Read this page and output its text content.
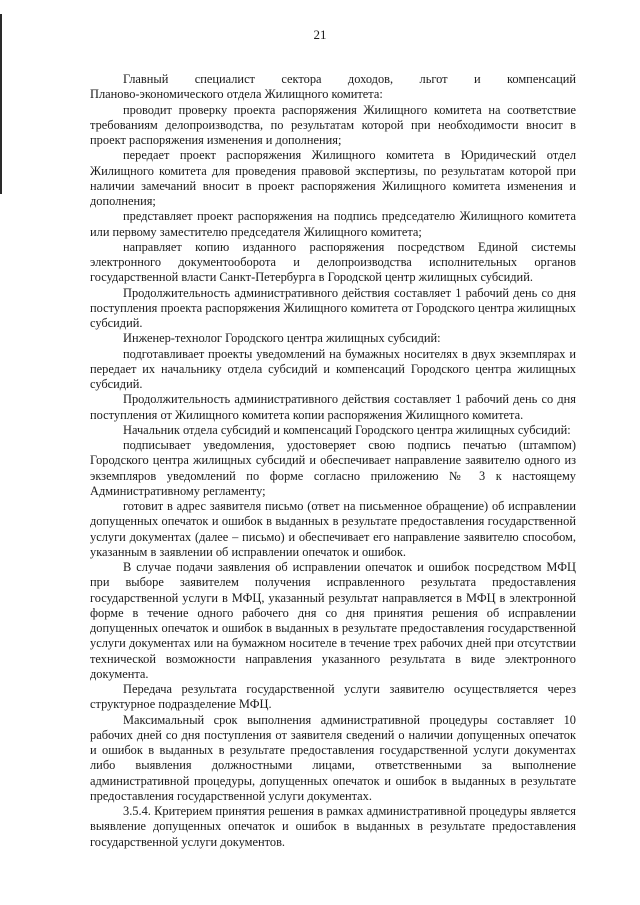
21

Главный специалист сектора доходов, льгот и компенсаций

Планово-экономического отдела Жилищного комитета:

проводит проверку проекта распоряжения Жилищного комитета на соответствие требованиям делопроизводства, по результатам которой при необходимости вносит в проект распоряжения изменения и дополнения;

передает проект распоряжения Жилищного комитета в Юридический отдел Жилищного комитета для проведения правовой экспертизы, по результатам которой при наличии замечаний вносит в проект распоряжения Жилищного комитета изменения и дополнения;

представляет проект распоряжения на подпись председателю Жилищного комитета или первому заместителю председателя Жилищного комитета;

направляет копию изданного распоряжения посредством Единой системы электронного документооборота и делопроизводства исполнительных органов государственной власти Санкт-Петербурга в Городской центр жилищных субсидий.

Продолжительность административного действия составляет 1 рабочий день со дня поступления проекта распоряжения Жилищного комитета от Городского центра жилищных субсидий.

Инженер-технолог Городского центра жилищных субсидий:

подготавливает проекты уведомлений на бумажных носителях в двух экземплярах и передает их начальнику отдела субсидий и компенсаций Городского центра жилищных субсидий.

Продолжительность административного действия составляет 1 рабочий день со дня поступления от Жилищного комитета копии распоряжения Жилищного комитета.

Начальник отдела субсидий и компенсаций Городского центра жилищных субсидий:

подписывает уведомления, удостоверяет свою подпись печатью (штампом) Городского центра жилищных субсидий и обеспечивает направление заявителю одного из экземпляров уведомлений по форме согласно приложению № 3 к настоящему Административному регламенту;

готовит в адрес заявителя письмо (ответ на письменное обращение) об исправлении допущенных опечаток и ошибок в выданных в результате предоставления государственной услуги документах (далее – письмо) и обеспечивает его направление заявителю способом, указанным в заявлении об исправлении опечаток и ошибок.

В случае подачи заявления об исправлении опечаток и ошибок посредством МФЦ при выборе заявителем получения исправленного результата предоставления государственной услуги в МФЦ, указанный результат направляется в МФЦ в электронной форме в течение одного рабочего дня со дня принятия решения об исправлении допущенных опечаток и ошибок в выданных в результате предоставления государственной услуги документах или на бумажном носителе в течение трех рабочих дней при отсутствии технической возможности направления указанного результата в виде электронного документа.

Передача результата государственной услуги заявителю осуществляется через структурное подразделение МФЦ.

Максимальный срок выполнения административной процедуры составляет 10 рабочих дней со дня поступления от заявителя сведений о наличии допущенных опечаток и ошибок в выданных в результате предоставления государственной услуги документах либо выявления должностными лицами, ответственными за выполнение административной процедуры, допущенных опечаток и ошибок в выданных в результате предоставления государственной услуги документах.

3.5.4. Критерием принятия решения в рамках административной процедуры является выявление допущенных опечаток и ошибок в выданных в результате предоставления государственной услуги документов.
